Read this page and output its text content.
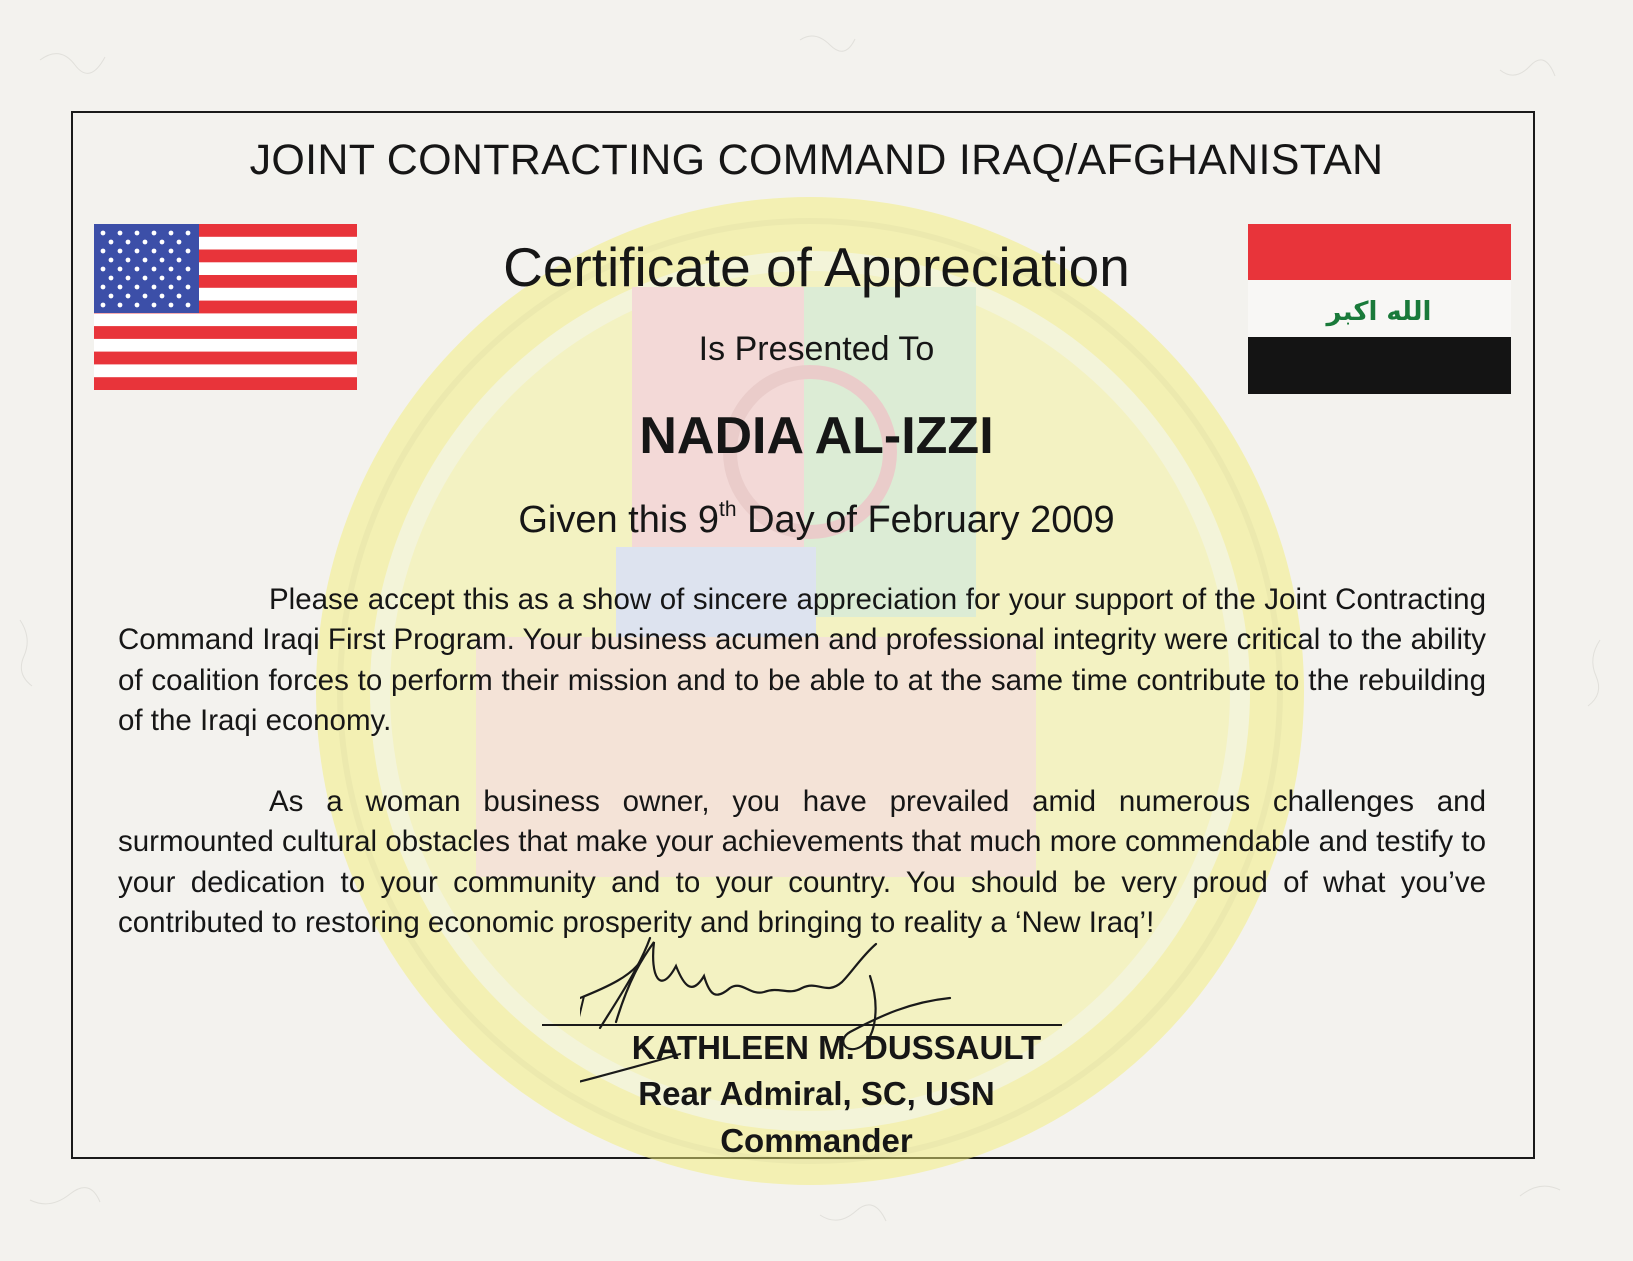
JOINT CONTRACTING COMMAND IRAQ/AFGHANISTAN
الله اكبر
Certificate of Appreciation
Is Presented To
NADIA AL-IZZI
Given this 9th Day of February 2009
Please accept this as a show of sincere appreciation for your support of the Joint Contracting Command Iraqi First Program. Your business acumen and professional integrity were critical to the ability of coalition forces to perform their mission and to be able to at the same time contribute to the rebuilding of the Iraqi economy.
As a woman business owner, you have prevailed amid numerous challenges and surmounted cultural obstacles that make your achievements that much more commendable and testify to your dedication to your community and to your country. You should be very proud of what you’ve contributed to restoring economic prosperity and bringing to reality a ‘New Iraq’!
KATHLEEN M. DUSSAULT
Rear Admiral, SC, USN
Commander
